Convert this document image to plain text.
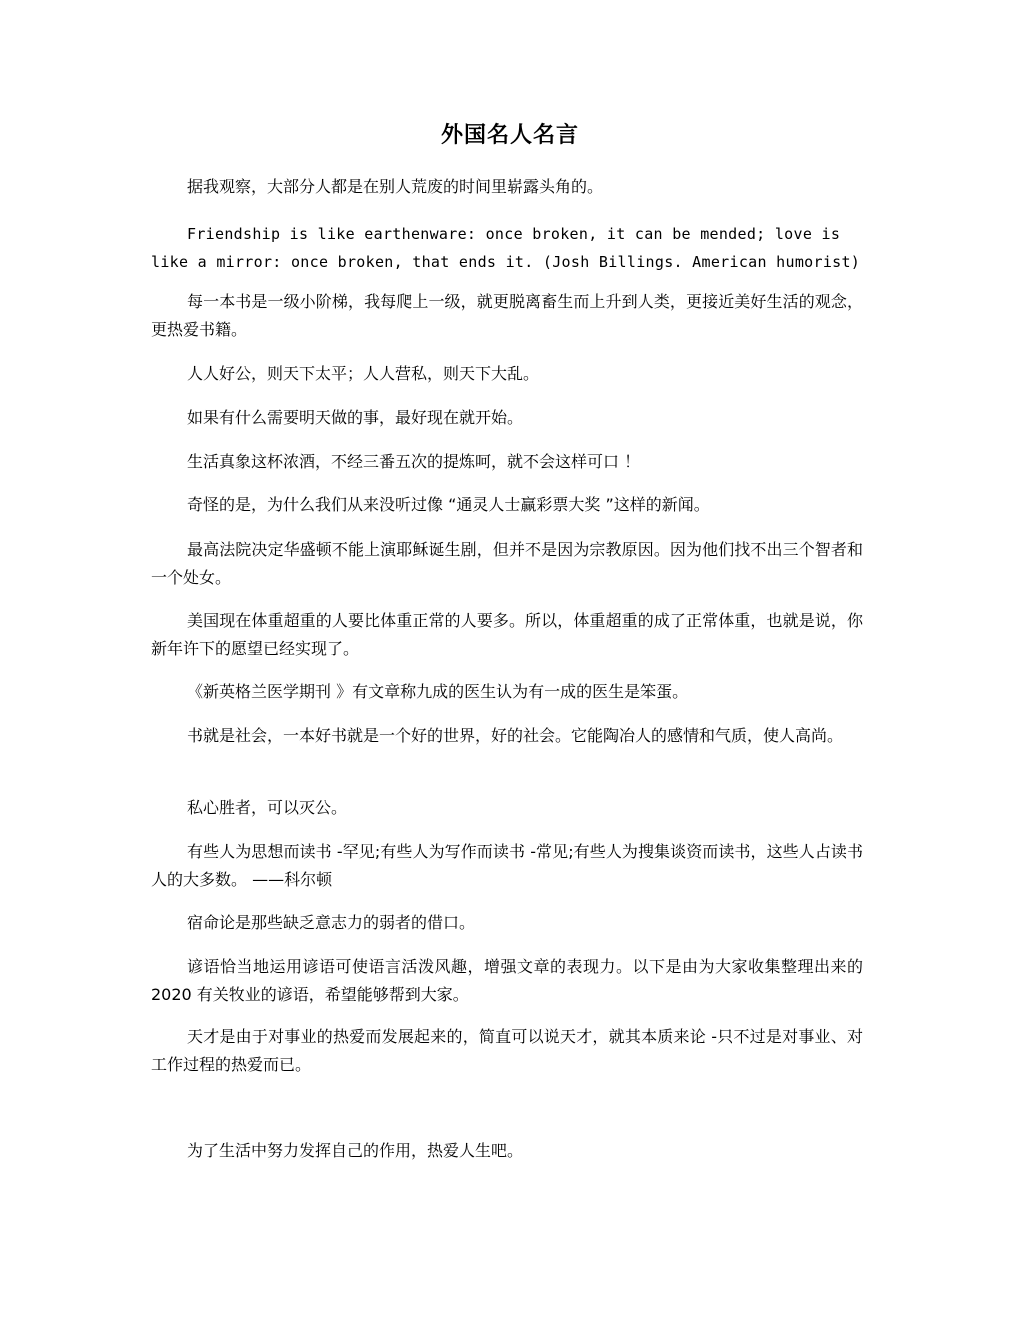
外国名人名言

据我观察，大部分人都是在别人荒废的时间里崭露头角的。

Friendship is like earthenware: once broken, it can be mended; love is like a mirror: once broken, that ends it. (Josh Billings. American humorist)

每一本书是一级小阶梯，我每爬上一级，就更脱离畜生而上升到人类，更接近美好生活的观念，更热爱书籍。

人人好公，则天下太平；人人营私，则天下大乱。

如果有什么需要明天做的事，最好现在就开始。

生活真象这杯浓酒，不经三番五次的提炼呵，就不会这样可口 ！

奇怪的是，为什么我们从来没听过像 “通灵人士赢彩票大奖 ”这样的新闻。

最高法院决定华盛顿不能上演耶稣诞生剧，但并不是因为宗教原因。因为他们找不出三个智者和一个处女。

美国现在体重超重的人要比体重正常的人要多。所以，体重超重的成了正常体重，也就是说，你新年许下的愿望已经实现了。

《新英格兰医学期刊 》有文章称九成的医生认为有一成的医生是笨蛋。

书就是社会，一本好书就是一个好的世界，好的社会。它能陶冶人的感情和气质，使人高尚。

私心胜者，可以灭公。

有些人为思想而读书 -罕见;有些人为写作而读书 -常见;有些人为搜集谈资而读书，这些人占读书人的大多数。 ——科尔顿

宿命论是那些缺乏意志力的弱者的借口。

谚语恰当地运用谚语可使语言活泼风趣，增强文章的表现力。以下是由为大家收集整理出来的 2020 有关牧业的谚语，希望能够帮到大家。

天才是由于对事业的热爱而发展起来的，简直可以说天才，就其本质来论 -只不过是对事业、对工作过程的热爱而已。

为了生活中努力发挥自己的作用，热爱人生吧。
